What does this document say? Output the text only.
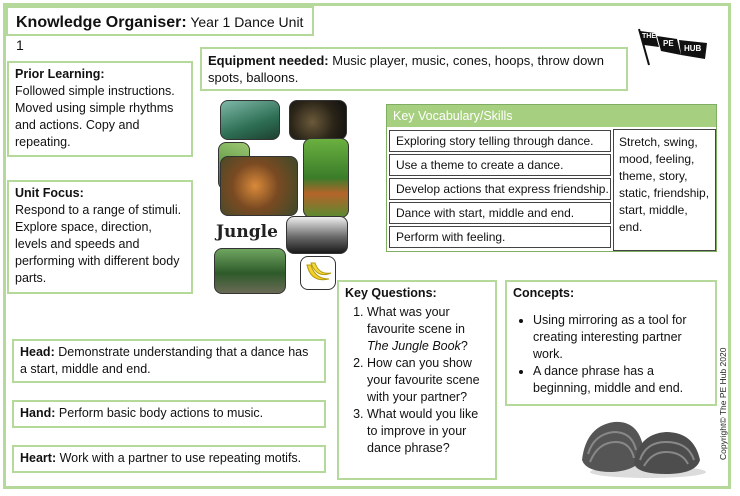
Knowledge Organiser: Year 1 Dance Unit 1
Equipment needed: Music player, music, cones, hoops, throw down spots, balloons.
THE
PE
HUB
Prior Learning:
Followed simple instructions. Moved using simple rhythms and actions. Copy and repeating.
Unit Focus:
Respond to a range of stimuli. Explore space, direction, levels and speeds and performing with different body parts.
Jungle
Key Vocabulary/Skills
Exploring story telling through dance.
Use a theme to create a dance.
Develop actions that express friendship.
Dance with start, middle and end.
Perform with feeling.
Stretch, swing, mood, feeling, theme, story, static, friendship, start, middle, end.
Key Questions:
1. What was your favourite scene in The Jungle Book?
2. How can you show your favourite scene with your partner?
3. What would you like to improve in your dance phrase?
Concepts:
• Using mirroring as a tool for creating interesting partner work.
• A dance phrase has a beginning, middle and end.
Head: Demonstrate understanding that a dance has a start, middle and end.
Hand: Perform basic body actions to music.
Heart: Work with a partner to use repeating motifs.	Copyright© The PE Hub 2020
